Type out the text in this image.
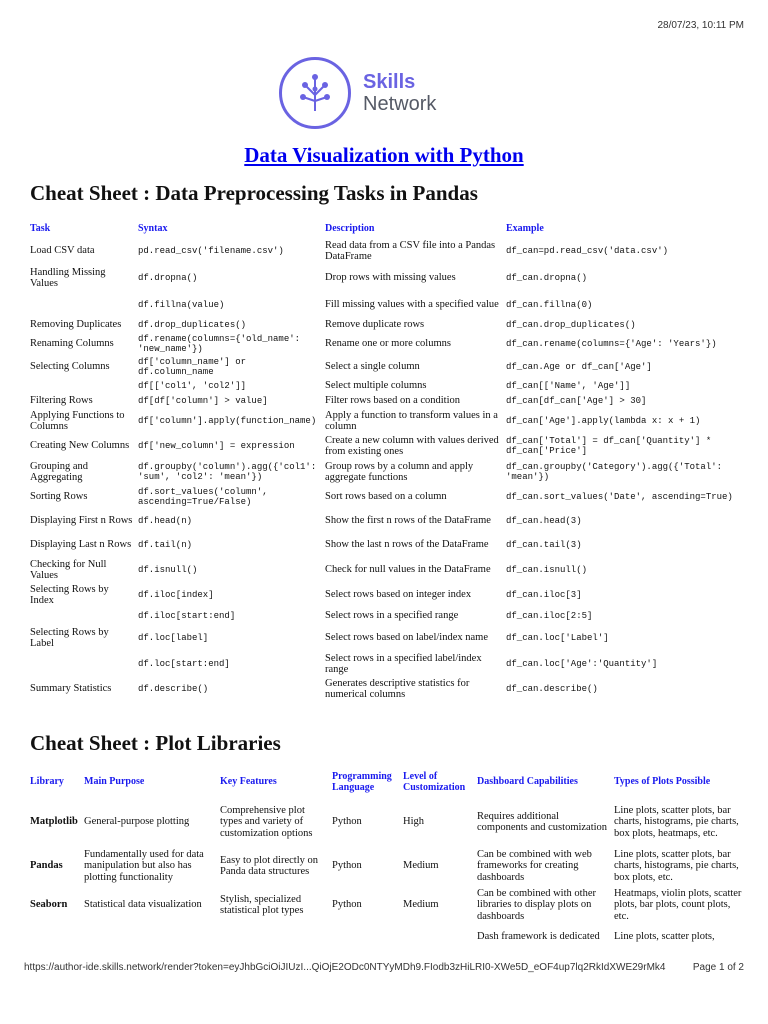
28/07/23, 10:11 PM
Skills
Network
Data Visualization with Python
Cheat Sheet : Data Preprocessing Tasks in Pandas
Task	Syntax	Description	Example
Load CSV data	pd.read_csv('filename.csv')	Read data from a CSV file into a Pandas DataFrame	df_can=pd.read_csv('data.csv')
Handling Missing Values	df.dropna()	Drop rows with missing values	df_can.dropna()
	df.fillna(value)	Fill missing values with a specified value	df_can.fillna(0)
Removing Duplicates	df.drop_duplicates()	Remove duplicate rows	df_can.drop_duplicates()
Renaming Columns	df.rename(columns={'old_name': 'new_name'})	Rename one or more columns	df_can.rename(columns={'Age': 'Years'})
Selecting Columns	df['column_name'] or df.column_name	Select a single column	df_can.Age or df_can['Age']
	df[['col1', 'col2']]	Select multiple columns	df_can[['Name', 'Age']]
Filtering Rows	df[df['column'] > value]	Filter rows based on a condition	df_can[df_can['Age'] > 30]
Applying Functions to Columns	df['column'].apply(function_name)	Apply a function to transform values in a column	df_can['Age'].apply(lambda x: x + 1)
Creating New Columns	df['new_column'] = expression	Create a new column with values derived from existing ones	df_can['Total'] = df_can['Quantity'] * df_can['Price']
Grouping and Aggregating	df.groupby('column').agg({'col1': 'sum', 'col2': 'mean'})	Group rows by a column and apply aggregate functions	df_can.groupby('Category').agg({'Total': 'mean'})
Sorting Rows	df.sort_values('column', ascending=True/False)	Sort rows based on a column	df_can.sort_values('Date', ascending=True)
Displaying First n Rows	df.head(n)	Show the first n rows of the DataFrame	df_can.head(3)
Displaying Last n Rows	df.tail(n)	Show the last n rows of the DataFrame	df_can.tail(3)
Checking for Null Values	df.isnull()	Check for null values in the DataFrame	df_can.isnull()
Selecting Rows by Index	df.iloc[index]	Select rows based on integer index	df_can.iloc[3]
	df.iloc[start:end]	Select rows in a specified range	df_can.iloc[2:5]
Selecting Rows by Label	df.loc[label]	Select rows based on label/index name	df_can.loc['Label']
	df.loc[start:end]	Select rows in a specified label/index range	df_can.loc['Age':'Quantity']
Summary Statistics	df.describe()	Generates descriptive statistics for numerical columns	df_can.describe()
Cheat Sheet : Plot Libraries
Library	Main Purpose	Key Features	Programming Language	Level of Customization	Dashboard Capabilities	Types of Plots Possible
Matplotlib	General-purpose plotting	Comprehensive plot types and variety of customization options	Python	High	Requires additional components and customization	Line plots, scatter plots, bar charts, histograms, pie charts, box plots, heatmaps, etc.
Pandas	Fundamentally used for data manipulation but also has plotting functionality	Easy to plot directly on Panda data structures	Python	Medium	Can be combined with web frameworks for creating dashboards	Line plots, scatter plots, bar charts, histograms, pie charts, box plots, etc.
Seaborn	Statistical data visualization	Stylish, specialized statistical plot types	Python	Medium	Can be combined with other libraries to display plots on dashboards	Heatmaps, violin plots, scatter plots, bar plots, count plots, etc.
					Dash framework is dedicated	Line plots, scatter plots,
https://author-ide.skills.network/render?token=eyJhbGciOiJIUzI...QiOjE2ODc0NTYyMDh9.FIodb3zHiLRI0-XWe5D_eOF4up7lq2RkIdXWE29rMk4	Page 1 of 2
